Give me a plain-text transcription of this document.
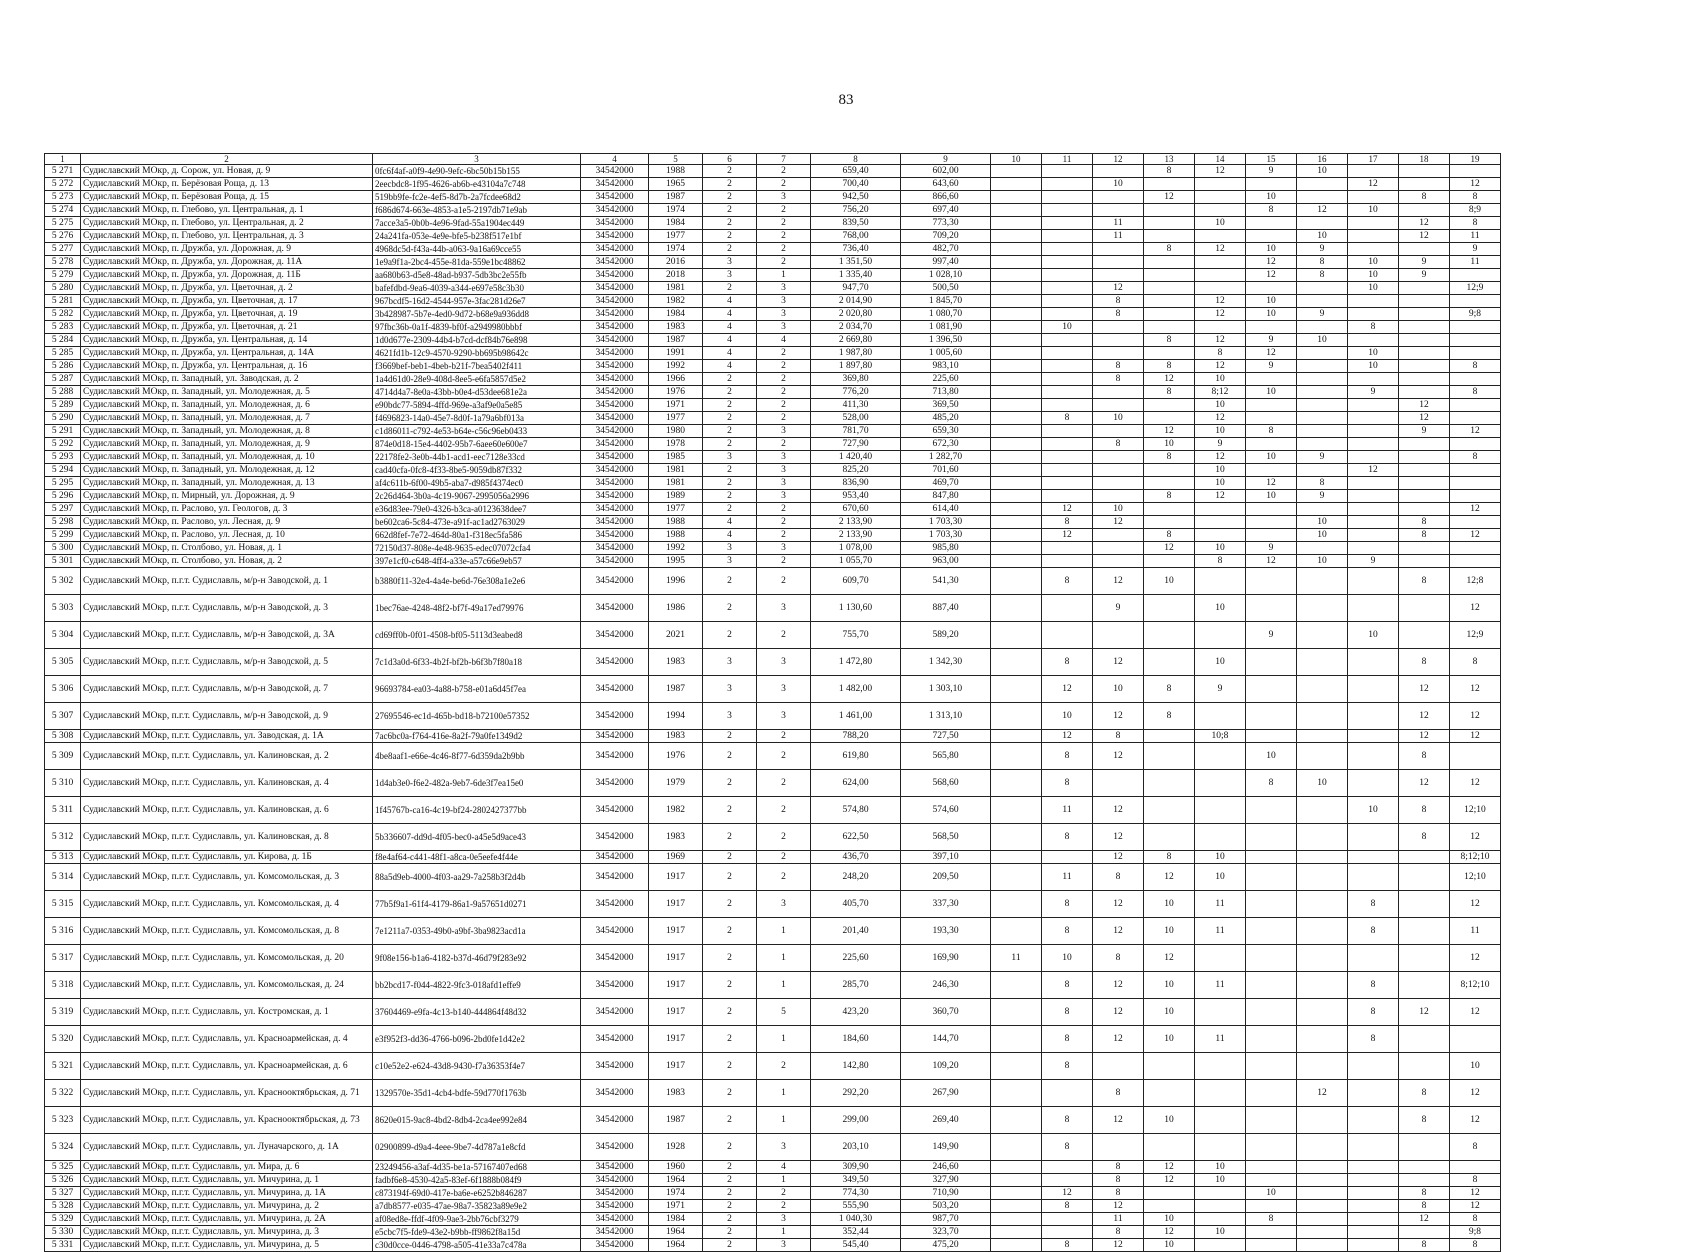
83
1	2	3	4	5	6	7	8	9	10	11	12	13	14	15	16	17	18	19
5 271	Судиславский МОкр, д. Сорож, ул. Новая, д. 9	0fc6f4af-a0f9-4e90-9efc-6bc50b15b155	34542000	1988	2	2	659,40	602,00				8	12	9	10			
5 272	Судиславский МОкр, п. Берёзовая Роща, д. 13	2eecbdc8-1f95-4626-ab6b-e43104a7c748	34542000	1965	2	2	700,40	643,60			10					12		12
5 273	Судиславский МОкр, п. Берёзовая Роща, д. 15	519bb9fe-fc2e-4ef5-8d7b-2a7fcdee68d2	34542000	1987	2	3	942,50	866,60				12		10			8	8
5 274	Судиславский МОкр, п. Глебово, ул. Центральная, д. 1	f686d674-663e-4853-a1e5-2197db71e9ab	34542000	1974	2	2	756,20	697,40						8	12	10		8;9
5 275	Судиславский МОкр, п. Глебово, ул. Центральная, д. 2	7acce3a5-0b0b-4e96-9fad-55a1904ec449	34542000	1984	2	2	839,50	773,30			11		10				12	8
5 276	Судиславский МОкр, п. Глебово, ул. Центральная, д. 3	24a241fa-053e-4e9e-bfe5-b238f517e1bf	34542000	1977	2	2	768,00	709,20			11				10		12	11
5 277	Судиславский МОкр, п. Дружба, ул. Дорожная, д. 9	4968dc5d-f43a-44b-a063-9a16a69cce55	34542000	1974	2	2	736,40	482,70				8	12	10	9			9
5 278	Судиславский МОкр, п. Дружба, ул. Дорожная, д. 11А	1e9a9f1a-2bc4-455e-81da-559e1bc48862	34542000	2016	3	2	1 351,50	997,40						12	8	10	9	11
5 279	Судиславский МОкр, п. Дружба, ул. Дорожная, д. 11Б	aa680b63-d5e8-48ad-b937-5db3bc2e55fb	34542000	2018	3	1	1 335,40	1 028,10						12	8	10	9	
5 280	Судиславский МОкр, п. Дружба, ул. Цветочная, д. 2	bafefdbd-9ea6-4039-a344-e697e58c3b30	34542000	1981	2	3	947,70	500,50			12					10		12;9
5 281	Судиславский МОкр, п. Дружба, ул. Цветочная, д. 17	967bcdf5-16d2-4544-957e-3fac281d26e7	34542000	1982	4	3	2 014,90	1 845,70			8		12	10				
5 282	Судиславский МОкр, п. Дружба, ул. Цветочная, д. 19	3b428987-5b7e-4ed0-9d72-b68e9a936dd8	34542000	1984	4	3	2 020,80	1 080,70			8		12	10	9			9;8
5 283	Судиславский МОкр, п. Дружба, ул. Цветочная, д. 21	97fbc36b-0a1f-4839-bf0f-a2949980bbbf	34542000	1983	4	3	2 034,70	1 081,90		10						8		
5 284	Судиславский МОкр, п. Дружба, ул. Центральная, д. 14	1d0d677e-2309-44b4-b7cd-dcf84b76e898	34542000	1987	4	4	2 669,80	1 396,50				8	12	9	10			
5 285	Судиславский МОкр, п. Дружба, ул. Центральная, д. 14А	4621fd1b-12c9-4570-9290-bb695b98642c	34542000	1991	4	2	1 987,80	1 005,60					8	12		10		
5 286	Судиславский МОкр, п. Дружба, ул. Центральная, д. 16	f3669bef-beb1-4beb-b21f-7bea5402f411	34542000	1992	4	2	1 897,80	983,10			8	8	12	9		10		8
5 287	Судиславский МОкр, п. Западный, ул. Заводская, д. 2	1a4d61d0-28e9-408d-8ee5-e6fa5857d5e2	34542000	1966	2	2	369,80	225,60			8	12	10					
5 288	Судиславский МОкр, п. Западный, ул. Молодежная, д. 5	4714d4a7-8e0a-43bb-b0e4-d53dee681e2a	34542000	1976	2	2	776,20	713,80				8	8;12	10		9		8
5 289	Судиславский МОкр, п. Западный, ул. Молодежная, д. 6	e90bdc77-5894-4ffd-969e-a3af9e0a5e85	34542000	1971	2	2	411,30	369,50					10				12	
5 290	Судиславский МОкр, п. Западный, ул. Молодежная, д. 7	f4696823-14a0-45e7-8d0f-1a79a6bf013a	34542000	1977	2	2	528,00	485,20		8	10		12				12	
5 291	Судиславский МОкр, п. Западный, ул. Молодежная, д. 8	c1d86011-c792-4e53-b64e-c56c96eb0433	34542000	1980	2	3	781,70	659,30				12	10	8			9	12
5 292	Судиславский МОкр, п. Западный, ул. Молодежная, д. 9	874e0d18-15e4-4402-95b7-6aee60e600e7	34542000	1978	2	2	727,90	672,30			8	10	9					
5 293	Судиславский МОкр, п. Западный, ул. Молодежная, д. 10	22178fe2-3e0b-44b1-acd1-eec7128e33cd	34542000	1985	3	3	1 420,40	1 282,70				8	12	10	9			8
5 294	Судиславский МОкр, п. Западный, ул. Молодежная, д. 12	cad40cfa-0fc8-4f33-8be5-9059db87f332	34542000	1981	2	3	825,20	701,60					10			12		
5 295	Судиславский МОкр, п. Западный, ул. Молодежная, д. 13	af4c611b-6f00-49b5-aba7-d985f4374ec0	34542000	1981	2	3	836,90	469,70					10	12	8			
5 296	Судиславский МОкр, п. Мирный, ул. Дорожная, д. 9	2c26d464-3b0a-4c19-9067-2995056a2996	34542000	1989	2	3	953,40	847,80				8	12	10	9			
5 297	Судиславский МОкр, п. Раслово, ул. Геологов, д. 3	e36d83ee-79e0-4326-b3ca-a0123638dee7	34542000	1977	2	2	670,60	614,40		12	10							12
5 298	Судиславский МОкр, п. Раслово, ул. Лесная, д. 9	be602ca6-5c84-473e-a91f-ac1ad2763029	34542000	1988	4	2	2 133,90	1 703,30		8	12				10		8	
5 299	Судиславский МОкр, п. Раслово, ул. Лесная, д. 10	662d8fef-7e72-464d-80a1-f318ec5fa586	34542000	1988	4	2	2 133,90	1 703,30		12		8			10		8	12
5 300	Судиславский МОкр, п. Столбово, ул. Новая, д. 1	72150d37-808e-4e48-9635-edec07072cfa4	34542000	1992	3	3	1 078,00	985,80				12	10	9				
5 301	Судиславский МОкр, п. Столбово, ул. Новая, д. 2	397e1cf0-c648-4ff4-a33e-a57c66e9eb57	34542000	1995	3	2	1 055,70	963,00					8	12	10	9		
5 302	Судиславский МОкр, п.г.т. Судиславль, м/р-н Заводской, д. 1	b3880f11-32e4-4a4e-be6d-76e308a1e2e6	34542000	1996	2	2	609,70	541,30		8	12	10					8	12;8
5 303	Судиславский МОкр, п.г.т. Судиславль, м/р-н Заводской, д. 3	1bec76ae-4248-48f2-bf7f-49a17ed79976	34542000	1986	2	3	1 130,60	887,40			9		10					12
5 304	Судиславский МОкр, п.г.т. Судиславль, м/р-н Заводской, д. 3А	cd69ff0b-0f01-4508-bf05-5113d3eabed8	34542000	2021	2	2	755,70	589,20						9		10		12;9
5 305	Судиславский МОкр, п.г.т. Судиславль, м/р-н Заводской, д. 5	7c1d3a0d-6f33-4b2f-bf2b-b6f3b7f80a18	34542000	1983	3	3	1 472,80	1 342,30		8	12		10				8	8
5 306	Судиславский МОкр, п.г.т. Судиславль, м/р-н Заводской, д. 7	96693784-ea03-4a88-b758-e01a6d45f7ea	34542000	1987	3	3	1 482,00	1 303,10		12	10	8	9				12	12
5 307	Судиславский МОкр, п.г.т. Судиславль, м/р-н Заводской, д. 9	27695546-ec1d-465b-bd18-b72100e57352	34542000	1994	3	3	1 461,00	1 313,10		10	12	8					12	12
5 308	Судиславский МОкр, п.г.т. Судиславль, ул. Заводская, д. 1А	7ac6bc0a-f764-416e-8a2f-79a0fe1349d2	34542000	1983	2	2	788,20	727,50		12	8		10;8				12	12
5 309	Судиславский МОкр, п.г.т. Судиславль, ул. Калиновская, д. 2	4be8aaf1-e66e-4c46-8f77-6d359da2b9bb	34542000	1976	2	2	619,80	565,80		8	12			10			8	
5 310	Судиславский МОкр, п.г.т. Судиславль, ул. Калиновская, д. 4	1d4ab3e0-f6e2-482a-9eb7-6de3f7ea15e0	34542000	1979	2	2	624,00	568,60		8				8	10		12	12
5 311	Судиславский МОкр, п.г.т. Судиславль, ул. Калиновская, д. 6	1f45767b-ca16-4c19-bf24-2802427377bb	34542000	1982	2	2	574,80	574,60		11	12					10	8	12;10
5 312	Судиславский МОкр, п.г.т. Судиславль, ул. Калиновская, д. 8	5b336607-dd9d-4f05-bec0-a45e5d9ace43	34542000	1983	2	2	622,50	568,50		8	12						8	12
5 313	Судиславский МОкр, п.г.т. Судиславль, ул. Кирова, д. 1Б	f8e4af64-c441-48f1-a8ca-0e5eefe4f44e	34542000	1969	2	2	436,70	397,10			12	8	10					8;12;10
5 314	Судиславский МОкр, п.г.т. Судиславль, ул. Комсомольская, д. 3	88a5d9eb-4000-4f03-aa29-7a258b3f2d4b	34542000	1917	2	2	248,20	209,50		11	8	12	10					12;10
5 315	Судиславский МОкр, п.г.т. Судиславль, ул. Комсомольская, д. 4	77b5f9a1-61f4-4179-86a1-9a57651d0271	34542000	1917	2	3	405,70	337,30		8	12	10	11			8		12
5 316	Судиславский МОкр, п.г.т. Судиславль, ул. Комсомольская, д. 8	7e1211a7-0353-49b0-a9bf-3ba9823acd1a	34542000	1917	2	1	201,40	193,30		8	12	10	11			8		11
5 317	Судиславский МОкр, п.г.т. Судиславль, ул. Комсомольская, д. 20	9f08e156-b1a6-4182-b37d-46d79f283e92	34542000	1917	2	1	225,60	169,90	11	10	8	12						12
5 318	Судиславский МОкр, п.г.т. Судиславль, ул. Комсомольская, д. 24	bb2bcd17-f044-4822-9fc3-018afd1effe9	34542000	1917	2	1	285,70	246,30		8	12	10	11			8		8;12;10
5 319	Судиславский МОкр, п.г.т. Судиславль, ул. Костромская, д. 1	37604469-e9fa-4c13-b140-444864f48d32	34542000	1917	2	5	423,20	360,70		8	12	10				8	12	12
5 320	Судиславский МОкр, п.г.т. Судиславль, ул. Красноармейская, д. 4	e3f952f3-dd36-4766-b096-2bd0fe1d42e2	34542000	1917	2	1	184,60	144,70		8	12	10	11			8		
5 321	Судиславский МОкр, п.г.т. Судиславль, ул. Красноармейская, д. 6	c10e52e2-e624-43d8-9430-f7a36353f4e7	34542000	1917	2	2	142,80	109,20		8								10
5 322	Судиславский МОкр, п.г.т. Судиславль, ул. Краснооктябрьская, д. 71	1329570e-35d1-4cb4-bdfe-59d770f1763b	34542000	1983	2	1	292,20	267,90			8				12		8	12
5 323	Судиславский МОкр, п.г.т. Судиславль, ул. Краснооктябрьская, д. 73	8620e015-9ac8-4bd2-8db4-2ca4ee992e84	34542000	1987	2	1	299,00	269,40		8	12	10					8	12
5 324	Судиславский МОкр, п.г.т. Судиславль, ул. Луначарского, д. 1А	02900899-d9a4-4eee-9be7-4d787a1e8cfd	34542000	1928	2	3	203,10	149,90		8								8
5 325	Судиславский МОкр, п.г.т. Судиславль, ул. Мира, д. 6	23249456-a3af-4d35-be1a-57167407ed68	34542000	1960	2	4	309,90	246,60			8	12	10					
5 326	Судиславский МОкр, п.г.т. Судиславль, ул. Мичурина, д. 1	fadbf6e8-4530-42a5-83ef-6f1888b084f9	34542000	1964	2	1	349,50	327,90			8	12	10					8
5 327	Судиславский МОкр, п.г.т. Судиславль, ул. Мичурина, д. 1А	c873194f-69d0-417e-ba6e-e6252b846287	34542000	1974	2	2	774,30	710,90		12	8			10			8	12
5 328	Судиславский МОкр, п.г.т. Судиславль, ул. Мичурина, д. 2	a7db8577-e035-47ae-98a7-35823a89e9e2	34542000	1971	2	2	555,90	503,20		8	12						8	12
5 329	Судиславский МОкр, п.г.т. Судиславль, ул. Мичурина, д. 2А	af08ed8e-ffdf-4f09-9ae3-2bb76cbf3279	34542000	1984	2	3	1 040,30	987,70			11	10		8			12	8
5 330	Судиславский МОкр, п.г.т. Судиславль, ул. Мичурина, д. 3	e5cbc7f5-fde9-43e2-b9bb-ff9862f8a15d	34542000	1964	2	1	352,44	323,70			8	12	10					9;8
5 331	Судиславский МОкр, п.г.т. Судиславль, ул. Мичурина, д. 5	c30d0cce-0446-4798-a505-41e33a7c478a	34542000	1964	2	3	545,40	475,20		8	12	10					8	8
